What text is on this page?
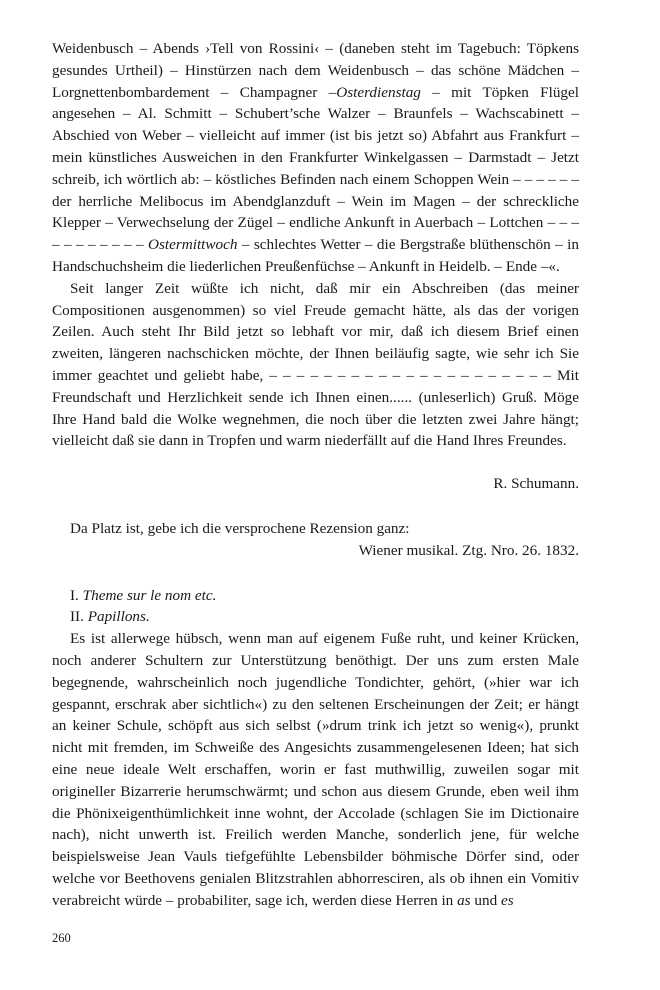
Weidenbusch – Abends ›Tell von Rossini‹ – (daneben steht im Tagebuch: Töpkens gesundes Urtheil) – Hinstürzen nach dem Weidenbusch – das schöne Mädchen – Lorgnettenbombardement – Champagner –Osterdienstag – mit Töpken Flügel angesehen – Al. Schmitt – Schubert’sche Walzer – Braunfels – Wachscabinett – Abschied von Weber – vielleicht auf immer (ist bis jetzt so) Abfahrt aus Frankfurt – mein künstliches Ausweichen in den Frankfurter Winkelgassen – Darmstadt – Jetzt schreib, ich wörtlich ab: – köstliches Befinden nach einem Schoppen Wein – – – – – – der herrliche Melibocus im Abendglanzduft – Wein im Magen – der schreckliche Klepper – Verwechselung der Zügel – endliche Ankunft in Auerbach – Lottchen – – – – – – – – – – – Ostermittwoch – schlechtes Wetter – die Bergstraße blüthenschön – in Handschuchsheim die liederlichen Preußenfüchse – Ankunft in Heidelb. – Ende –«.

Seit langer Zeit wüßte ich nicht, daß mir ein Abschreiben (das meiner Compositionen ausgenommen) so viel Freude gemacht hätte, als das der vorigen Zeilen. Auch steht Ihr Bild jetzt so lebhaft vor mir, daß ich diesem Brief einen zweiten, längeren nachschicken möchte, der Ihnen beiläufig sagte, wie sehr ich Sie immer geachtet und geliebt habe, – – – – – – – – – – – – – – – – – – – – – Mit Freundschaft und Herzlichkeit sende ich Ihnen einen...... (unleserlich) Gruß. Möge Ihre Hand bald die Wolke wegnehmen, die noch über die letzten zwei Jahre hängt; vielleicht daß sie dann in Tropfen und warm niederfällt auf die Hand Ihres Freundes.

R. Schumann.

Da Platz ist, gebe ich die versprochene Rezension ganz:

Wiener musikal. Ztg. Nro. 26. 1832.

I. Theme sur le nom etc.

II. Papillons.

Es ist allerwege hübsch, wenn man auf eigenem Fuße ruht, und keiner Krücken, noch anderer Schultern zur Unterstützung benöthigt. Der uns zum ersten Male begegnende, wahrscheinlich noch jugendliche Tondichter, gehört, (»hier war ich gespannt, erschrak aber sichtlich«) zu den seltenen Erscheinungen der Zeit; er hängt an keiner Schule, schöpft aus sich selbst (»drum trink ich jetzt so wenig«), prunkt nicht mit fremden, im Schweiße des Angesichts zusammengelesenen Ideen; hat sich eine neue ideale Welt erschaffen, worin er fast muthwillig, zuweilen sogar mit origineller Bizarrerie herumschwärmt; und schon aus diesem Grunde, eben weil ihm die Phönixeigenthümlichkeit inne wohnt, der Accolade (schlagen Sie im Dictionaire nach), nicht unwerth ist. Freilich werden Manche, sonderlich jene, für welche beispielsweise Jean Vauls tiefgefühlte Lebensbilder böhmische Dörfer sind, oder welche vor Beethovens genialen Blitzstrahlen abhorresciren, als ob ihnen ein Vomitiv verabreicht würde – probabiliter, sage ich, werden diese Herren in as und es

260
